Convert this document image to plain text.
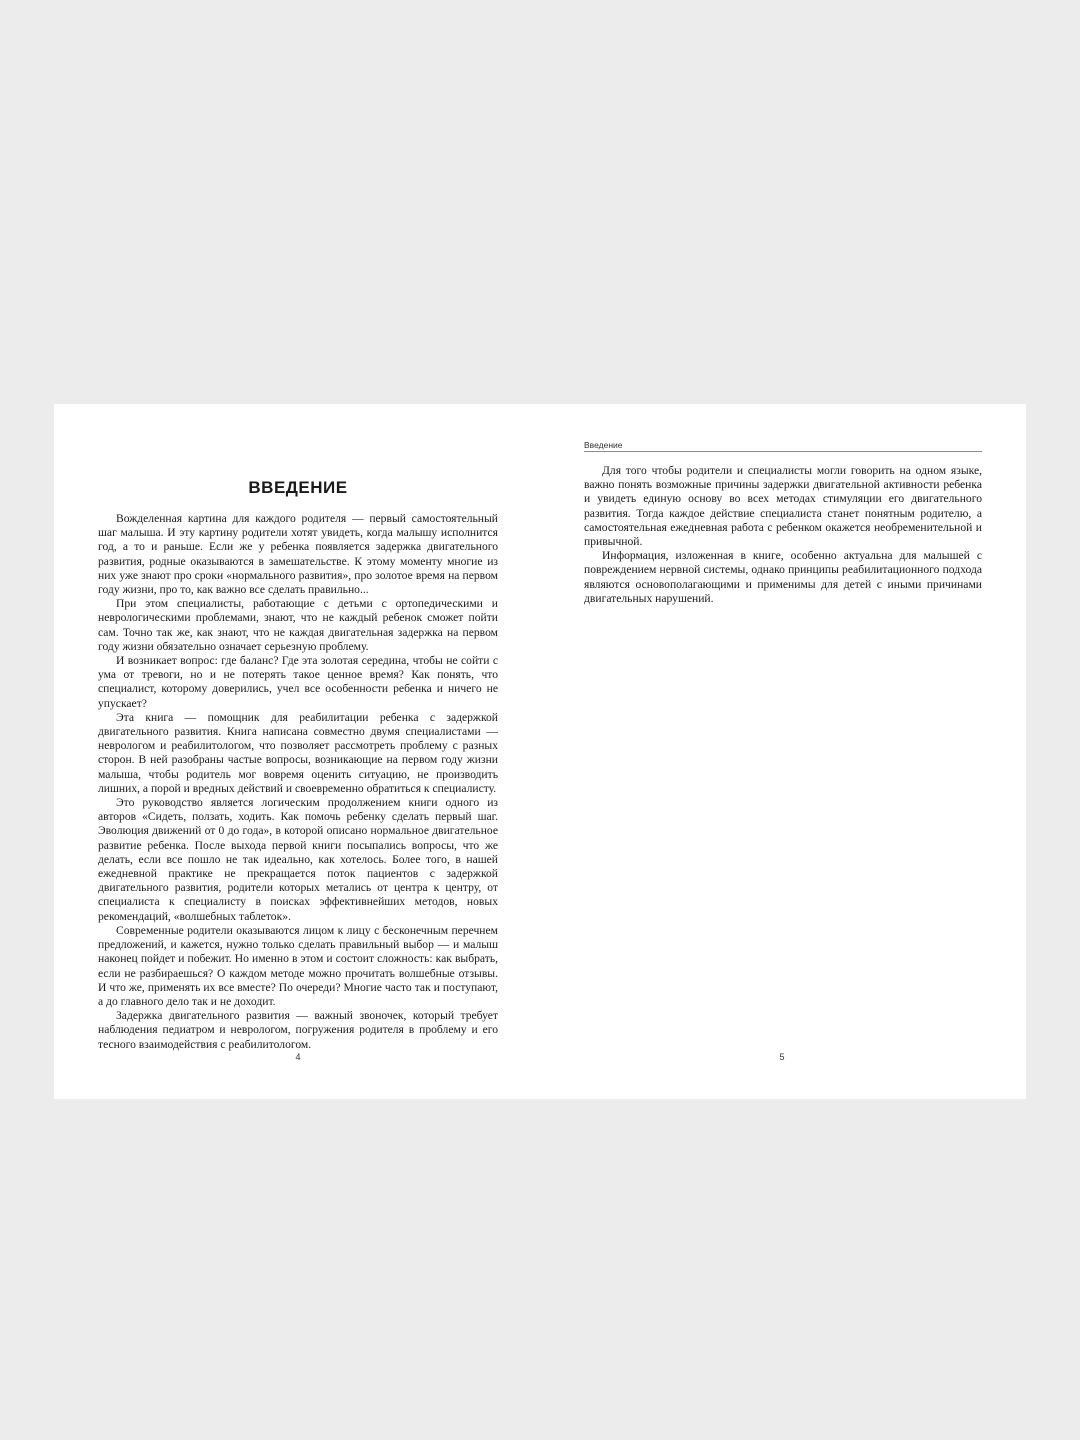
ВВЕДЕНИЕ

Вожделенная картина для каждого родителя — первый самостоятельный шаг малыша. И эту картину родители хотят увидеть, когда малышу исполнится год, а то и раньше. Если же у ребенка появляется задержка двигательного развития, родные оказываются в замешательстве. К этому моменту многие из них уже знают про сроки «нормального развития», про золотое время на первом году жизни, про то, как важно все сделать правильно...

При этом специалисты, работающие с детьми с ортопедическими и неврологическими проблемами, знают, что не каждый ребенок сможет пойти сам. Точно так же, как знают, что не каждая двигательная задержка на первом году жизни обязательно означает серьезную проблему.

И возникает вопрос: где баланс? Где эта золотая середина, чтобы не сойти с ума от тревоги, но и не потерять такое ценное время? Как понять, что специалист, которому доверились, учел все особенности ребенка и ничего не упускает?

Эта книга — помощник для реабилитации ребенка с задержкой двигательного развития. Книга написана совместно двумя специалистами — неврологом и реабилитологом, что позволяет рассмотреть проблему с разных сторон. В ней разобраны частые вопросы, возникающие на первом году жизни малыша, чтобы родитель мог вовремя оценить ситуацию, не производить лишних, а порой и вредных действий и своевременно обратиться к специалисту.

Это руководство является логическим продолжением книги одного из авторов «Сидеть, ползать, ходить. Как помочь ребенку сделать первый шаг. Эволюция движений от 0 до года», в которой описано нормальное двигательное развитие ребенка. После выхода первой книги посыпались вопросы, что же делать, если все пошло не так идеально, как хотелось. Более того, в нашей ежедневной практике не прекращается поток пациентов с задержкой двигательного развития, родители которых метались от центра к центру, от специалиста к специалисту в поисках эффективнейших методов, новых рекомендаций, «волшебных таблеток».

Современные родители оказываются лицом к лицу с бесконечным перечнем предложений, и кажется, нужно только сделать правильный выбор — и малыш наконец пойдет и побежит. Но именно в этом и состоит сложность: как выбрать, если не разбираешься? О каждом методе можно прочитать волшебные отзывы. И что же, применять их все вместе? По очереди? Многие часто так и поступают, а до главного дело так и не доходит.

Задержка двигательного развития — важный звоночек, который требует наблюдения педиатром и неврологом, погружения родителя в проблему и его тесного взаимодействия с реабилитологом.

4
Введение

Для того чтобы родители и специалисты могли говорить на одном языке, важно понять возможные причины задержки двигательной активности ребенка и увидеть единую основу во всех методах стимуляции его двигательного развития. Тогда каждое действие специалиста станет понятным родителю, а самостоятельная ежедневная работа с ребенком окажется необременительной и привычной.

Информация, изложенная в книге, особенно актуальна для малышей с повреждением нервной системы, однако принципы реабилитационного подхода являются основополагающими и применимы для детей с иными причинами двигательных нарушений.

5
